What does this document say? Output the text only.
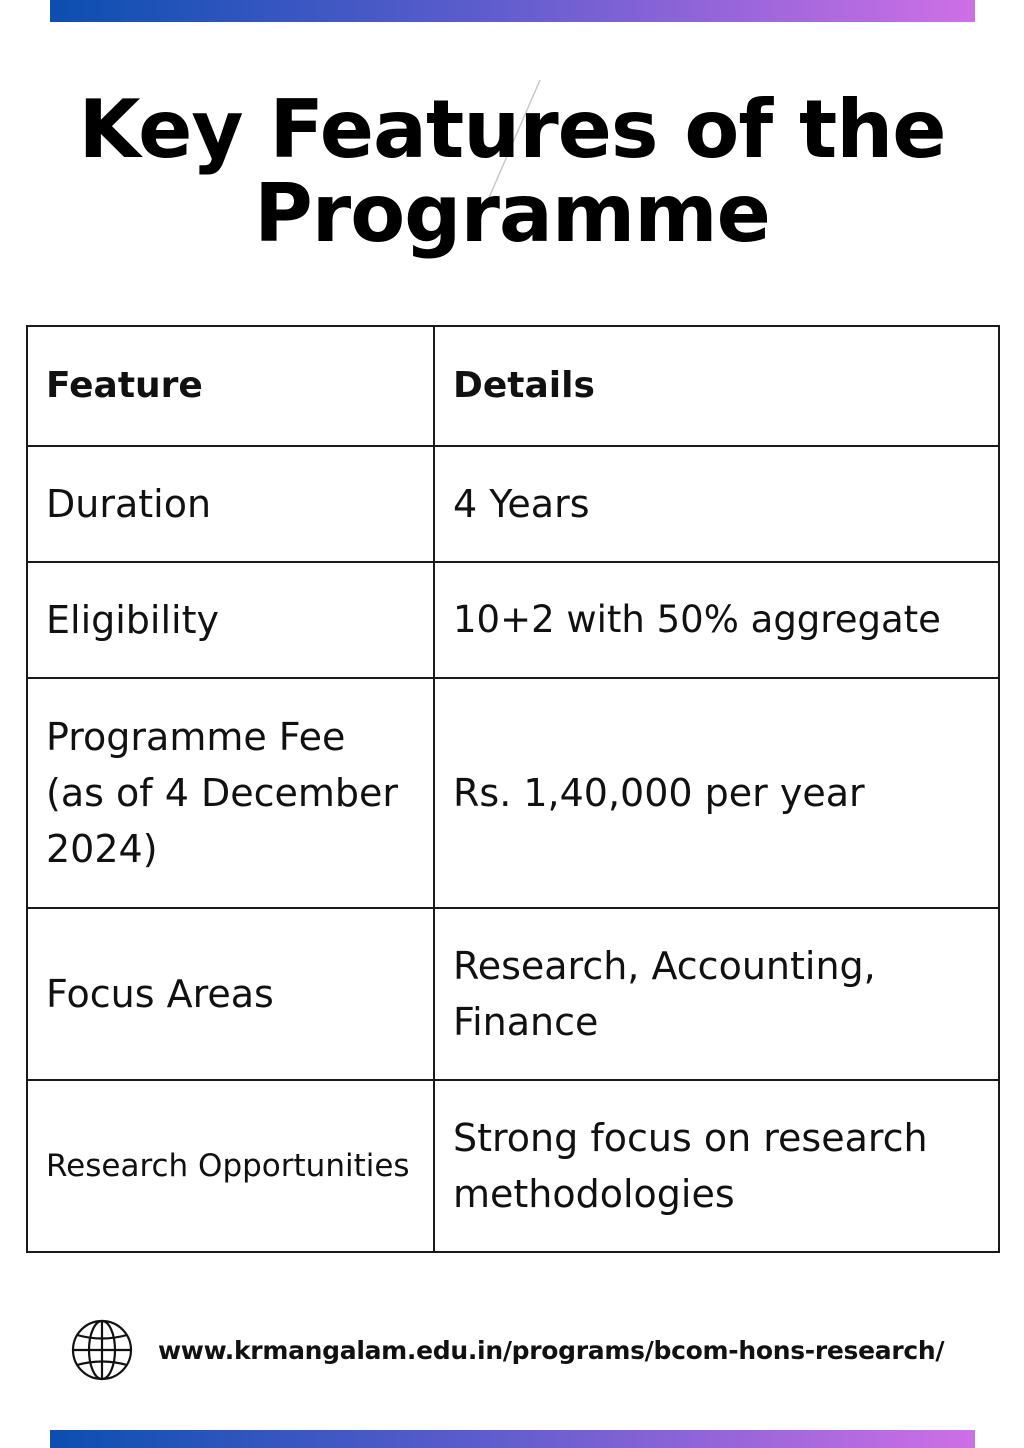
Key Features of the Programme
Feature	Details
Duration	4 Years
Eligibility	10+2 with 50% aggregate
Programme Fee (as of 4 December 2024)	Rs. 1,40,000 per year
Focus Areas	Research, Accounting, Finance
Research Opportunities	Strong focus on research methodologies
www.krmangalam.edu.in/programs/bcom-hons-research/
